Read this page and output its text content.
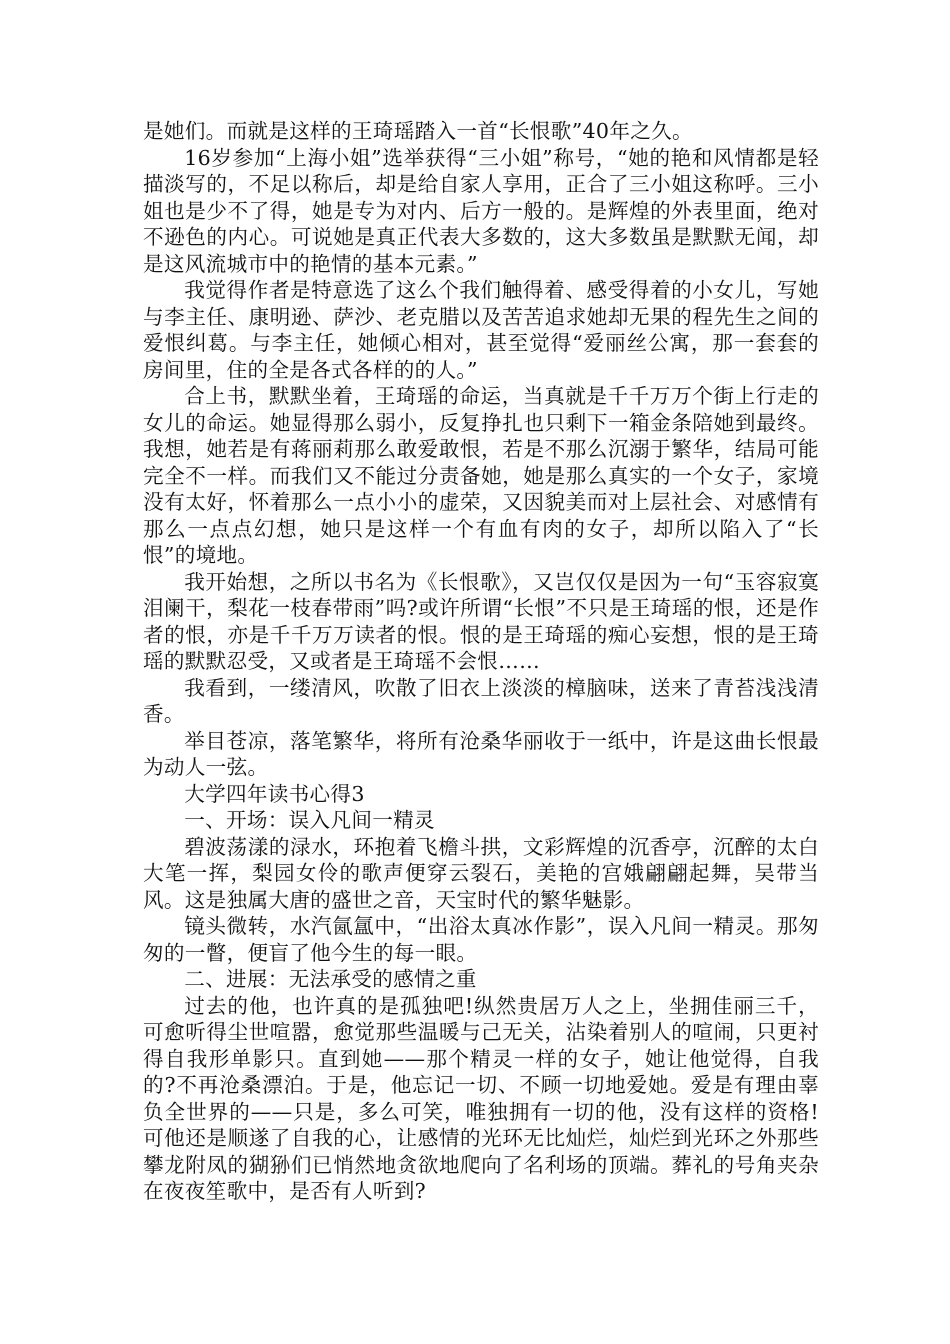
是她们。而就是这样的王琦瑶踏入一首“长恨歌”40年之久。

16岁参加“上海小姐”选举获得“三小姐”称号，“她的艳和风情都是轻描淡写的，不足以称后，却是给自家人享用，正合了三小姐这称呼。三小姐也是少不了得，她是专为对内、后方一般的。是辉煌的外表里面，绝对不逊色的内心。可说她是真正代表大多数的，这大多数虽是默默无闻，却是这风流城市中的艳情的基本元素。”

我觉得作者是特意选了这么个我们触得着、感受得着的小女儿，写她与李主任、康明逊、萨沙、老克腊以及苦苦追求她却无果的程先生之间的爱恨纠葛。与李主任，她倾心相对，甚至觉得“爱丽丝公寓，那一套套的房间里，住的全是各式各样的的人。”

合上书，默默坐着，王琦瑶的命运，当真就是千千万万个街上行走的女儿的命运。她显得那么弱小，反复挣扎也只剩下一箱金条陪她到最终。我想，她若是有蒋丽莉那么敢爱敢恨，若是不那么沉溺于繁华，结局可能完全不一样。而我们又不能过分责备她，她是那么真实的一个女子，家境没有太好，怀着那么一点小小的虚荣，又因貌美而对上层社会、对感情有那么一点点幻想，她只是这样一个有血有肉的女子，却所以陷入了“长恨”的境地。

我开始想，之所以书名为《长恨歌》，又岂仅仅是因为一句“玉容寂寞泪阑干，梨花一枝春带雨”吗?或许所谓“长恨”不只是王琦瑶的恨，还是作者的恨，亦是千千万万读者的恨。恨的是王琦瑶的痴心妄想，恨的是王琦瑶的默默忍受，又或者是王琦瑶不会恨……

我看到，一缕清风，吹散了旧衣上淡淡的樟脑味，送来了青苔浅浅清香。

举目苍凉，落笔繁华，将所有沧桑华丽收于一纸中，许是这曲长恨最为动人一弦。

大学四年读书心得3

一、开场：误入凡间一精灵

碧波荡漾的渌水，环抱着飞檐斗拱，文彩辉煌的沉香亭，沉醉的太白大笔一挥，梨园女伶的歌声便穿云裂石，美艳的宫娥翩翩起舞，吴带当风。这是独属大唐的盛世之音，天宝时代的繁华魅影。

镜头微转，水汽氤氲中，“出浴太真冰作影”，误入凡间一精灵。那匆匆的一瞥，便盲了他今生的每一眼。

二、进展：无法承受的感情之重

过去的他，也许真的是孤独吧!纵然贵居万人之上，坐拥佳丽三千，可愈听得尘世喧嚣，愈觉那些温暖与己无关，沾染着别人的喧闹，只更衬得自我形单影只。直到她——那个精灵一样的女子，她让他觉得，自我的?不再沧桑漂泊。于是，他忘记一切、不顾一切地爱她。爱是有理由辜负全世界的——只是，多么可笑，唯独拥有一切的他，没有这样的资格!可他还是顺遂了自我的心，让感情的光环无比灿烂，灿烂到光环之外那些攀龙附凤的猢狲们已悄然地贪欲地爬向了名利场的顶端。葬礼的号角夹杂在夜夜笙歌中，是否有人听到?
